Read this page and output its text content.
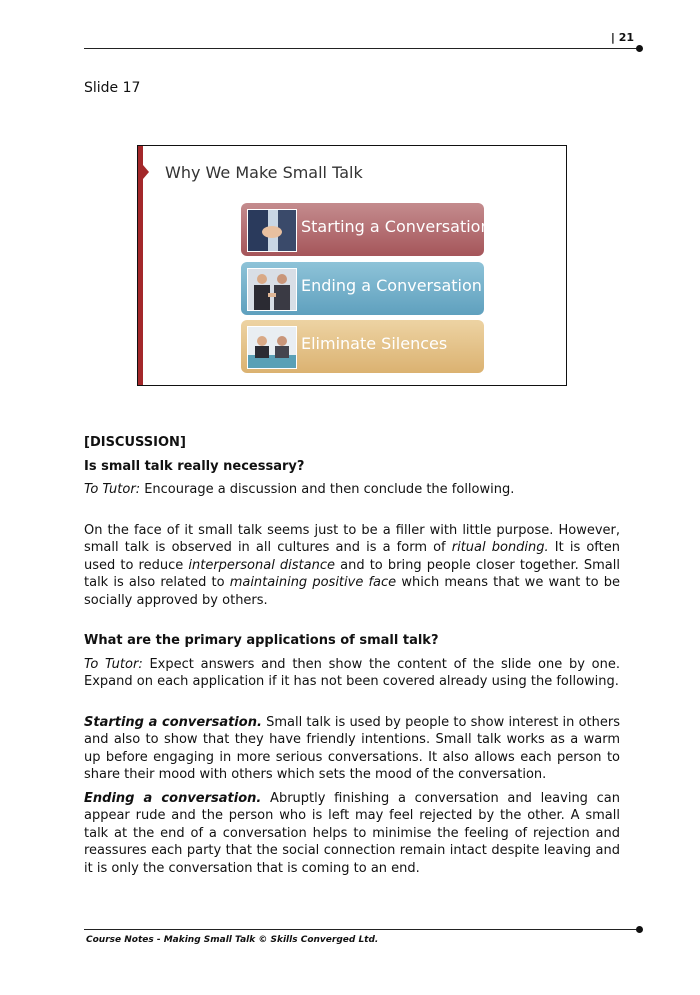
| 21
Slide 17
Why We Make Small Talk
Starting a Conversation
Ending a Conversation
Eliminate Silences

[DISCUSSION]

Is small talk really necessary?

To Tutor: Encourage a discussion and then conclude the following.

On the face of it small talk seems just to be a filler with little purpose. However, small talk is observed in all cultures and is a form of ritual bonding. It is often used to reduce interpersonal distance and to bring people closer together. Small talk is also related to maintaining positive face which means that we want to be socially approved by others.

What are the primary applications of small talk?

To Tutor: Expect answers and then show the content of the slide one by one. Expand on each application if it has not been covered already using the following.

Starting a conversation. Small talk is used by people to show interest in others and also to show that they have friendly intentions. Small talk works as a warm up before engaging in more serious conversations. It also allows each person to share their mood with others which sets the mood of the conversation.

Ending a conversation. Abruptly finishing a conversation and leaving can appear rude and the person who is left may feel rejected by the other. A small talk at the end of a conversation helps to minimise the feeling of rejection and reassures each party that the social connection remain intact despite leaving and it is only the conversation that is coming to an end.

Course Notes - Making Small Talk © Skills Converged Ltd.
